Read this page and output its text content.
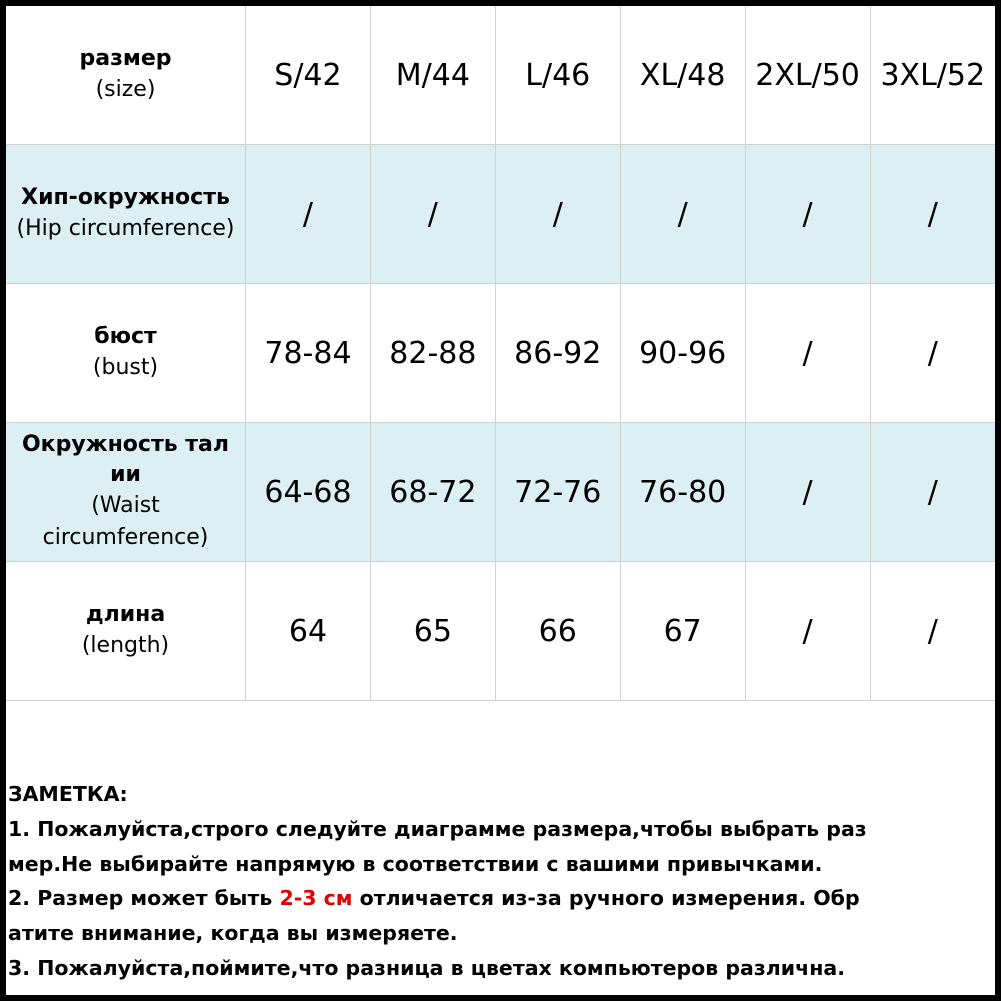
размер
(size)	S/42	M/44	L/46	XL/48	2XL/50	3XL/52

Хип-окружность
(Hip circumference)	/	/	/	/	/	/

бюст
(bust)	78-84	82-88	86-92	90-96	/	/

Окружность тал ии
(Waist circumference)	64-68	68-72	72-76	76-80	/	/

длина
(length)	64	65	66	67	/	/
ЗАМЕТКА:
1. Пожалуйста,строго следуйте диаграмме размера,чтобы выбрать раз
мер.Не выбирайте напрямую в соответствии с вашими привычками.
2. Размер может быть 2-3 см отличается из-за ручного измерения. Обр
атите внимание, когда вы измеряете.
3. Пожалуйста,поймите,что разница в цветах компьютеров различна.
